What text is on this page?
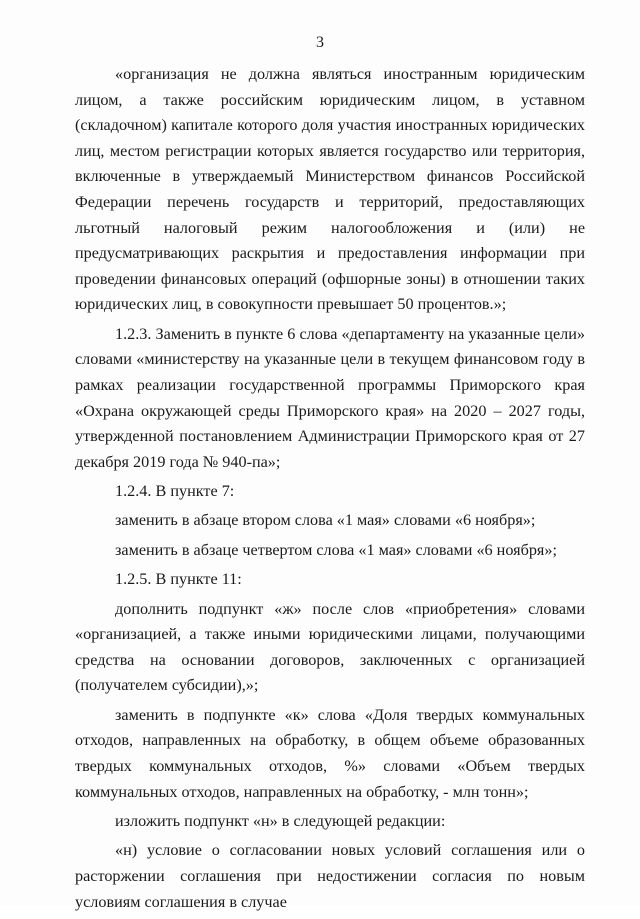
3

«организация не должна являться иностранным юридическим лицом, а также российским юридическим лицом, в уставном (складочном) капитале которого доля участия иностранных юридических лиц, местом регистрации которых является государство или территория, включенные в утверждаемый Министерством финансов Российской Федерации перечень государств и территорий, предоставляющих льготный налоговый режим налогообложения и (или) не предусматривающих раскрытия и предоставления информации при проведении финансовых операций (офшорные зоны) в отношении таких юридических лиц, в совокупности превышает 50 процентов.»;

1.2.3. Заменить в пункте 6 слова «департаменту на указанные цели» словами «министерству на указанные цели в текущем финансовом году в рамках реализации государственной программы Приморского края «Охрана окружающей среды Приморского края» на 2020 – 2027 годы, утвержденной постановлением Администрации Приморского края от 27 декабря 2019 года № 940-па»;

1.2.4. В пункте 7:

заменить в абзаце втором слова «1 мая» словами «6 ноября»;

заменить в абзаце четвертом слова «1 мая» словами «6 ноября»;

1.2.5. В пункте 11:

дополнить подпункт «ж» после слов «приобретения» словами «организацией, а также иными юридическими лицами, получающими средства на основании договоров, заключенных с организацией (получателем субсидии),»;

заменить в подпункте «к» слова «Доля твердых коммунальных отходов, направленных на обработку, в общем объеме образованных твердых коммунальных отходов, %» словами «Объем твердых коммунальных отходов, направленных на обработку, - млн тонн»;

изложить подпункт «н» в следующей редакции:

«н) условие о согласовании новых условий соглашения или о расторжении соглашения при недостижении согласия по новым условиям соглашения в случае
